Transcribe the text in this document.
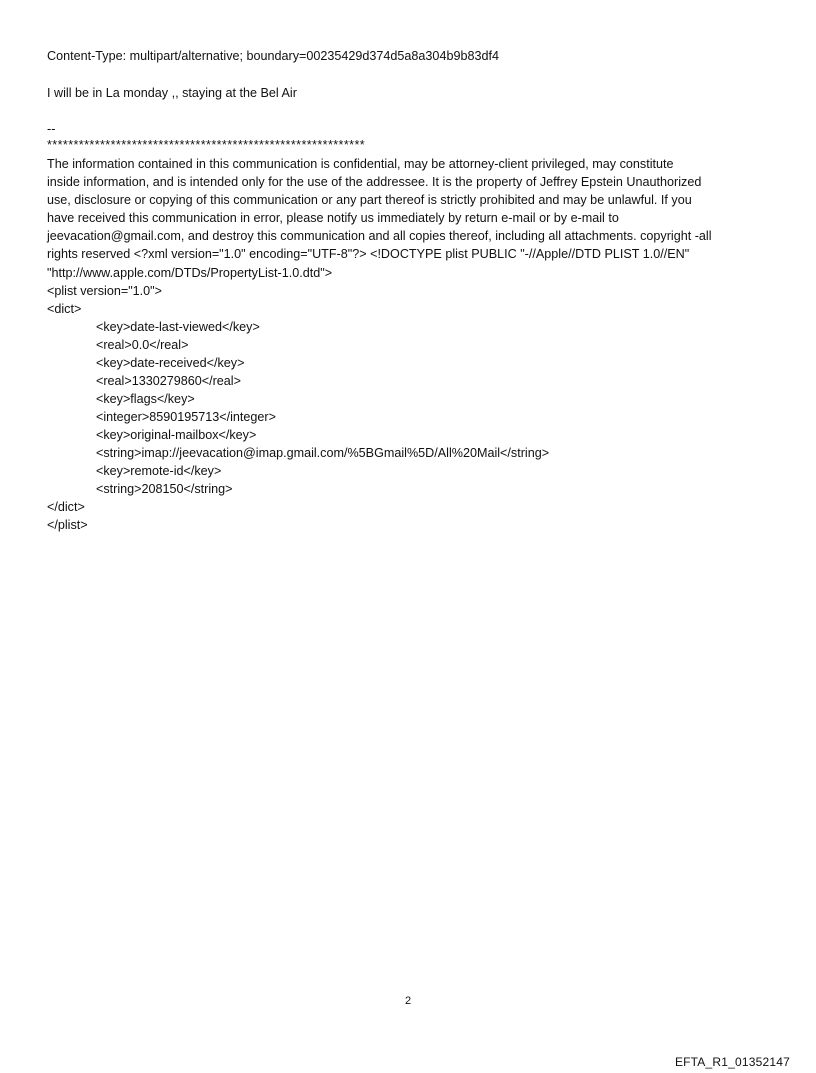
Content-Type: multipart/alternative; boundary=00235429d374d5a8a304b9b83df4
I will be in La monday ,, staying at the Bel Air
--
************************************************************
The information contained in this communication is confidential, may be attorney-client privileged, may constitute
inside information, and is intended only for the use of the addressee. It is the property of Jeffrey Epstein Unauthorized
use, disclosure or copying of this communication or any part thereof is strictly prohibited and may be unlawful. If you
have received this communication in error, please notify us immediately by return e-mail or by e-mail to
jeevacation@gmail.com, and destroy this communication and all copies thereof, including all attachments. copyright -all
rights reserved <?xml version="1.0" encoding="UTF-8"?> <!DOCTYPE plist PUBLIC "-//Apple//DTD PLIST 1.0//EN"
"http://www.apple.com/DTDs/PropertyList-1.0.dtd">
<plist version="1.0">
<dict>
<key>date-last-viewed</key>
<real>0.0</real>
<key>date-received</key>
<real>1330279860</real>
<key>flags</key>
<integer>8590195713</integer>
<key>original-mailbox</key>
<string>imap://jeevacation@imap.gmail.com/%5BGmail%5D/All%20Mail</string>
<key>remote-id</key>
<string>208150</string>
</dict>
</plist>
2
EFTA_R1_01352147
